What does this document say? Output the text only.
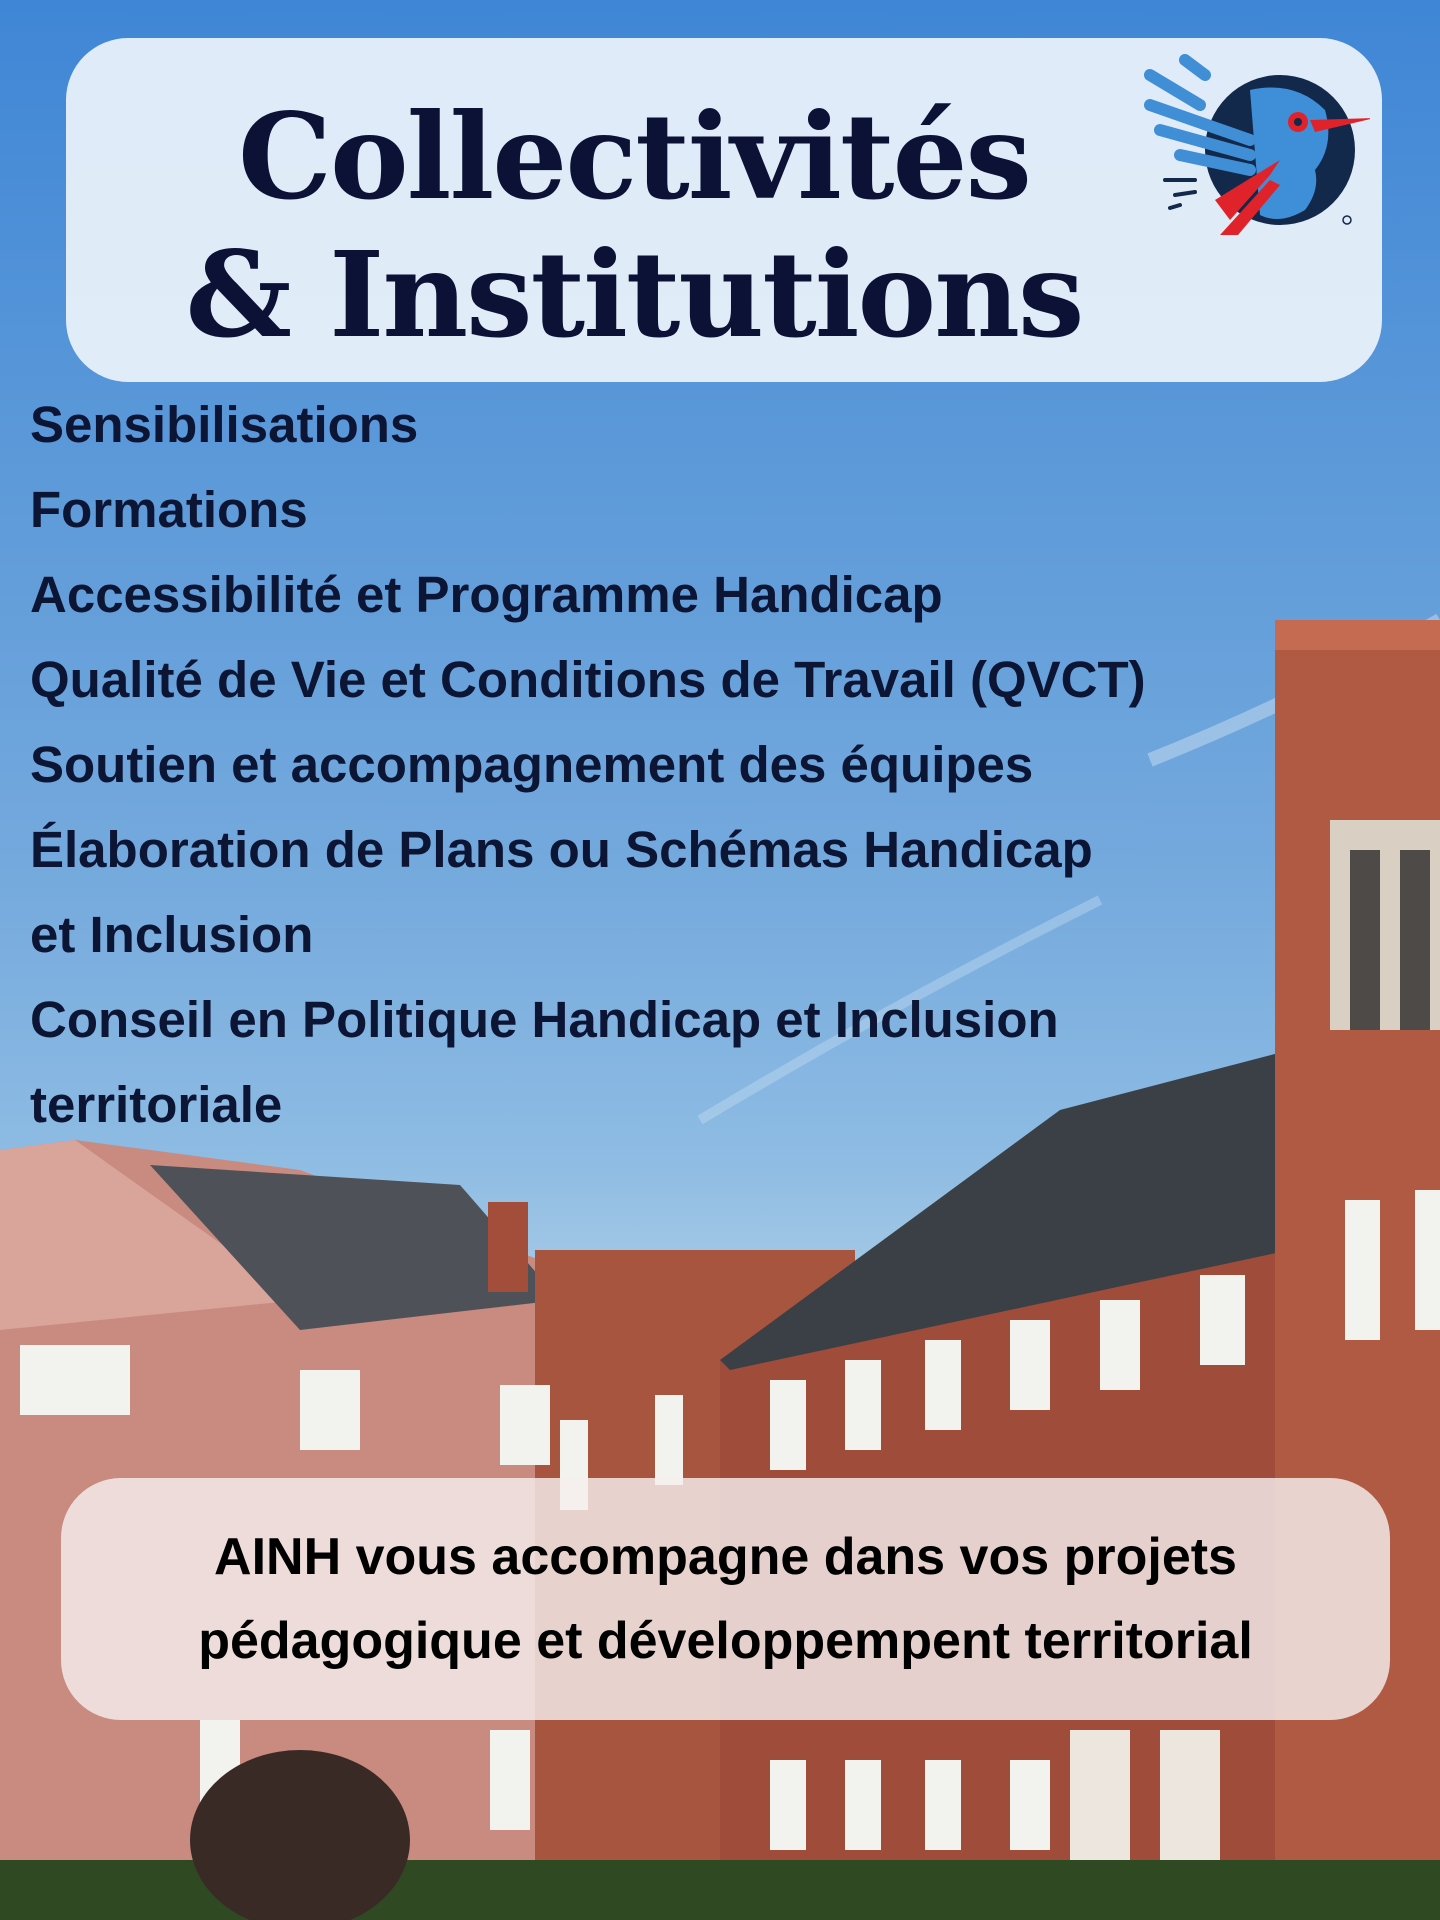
Collectivités
& Institutions
Sensibilisations
Formations
Accessibilité et Programme Handicap
Qualité de Vie et Conditions de Travail (QVCT)
Soutien et accompagnement des équipes
Élaboration de Plans ou Schémas Handicap
et Inclusion
Conseil en Politique Handicap et Inclusion
territoriale
AINH vous accompagne dans vos projets
pédagogique et développempent territorial
